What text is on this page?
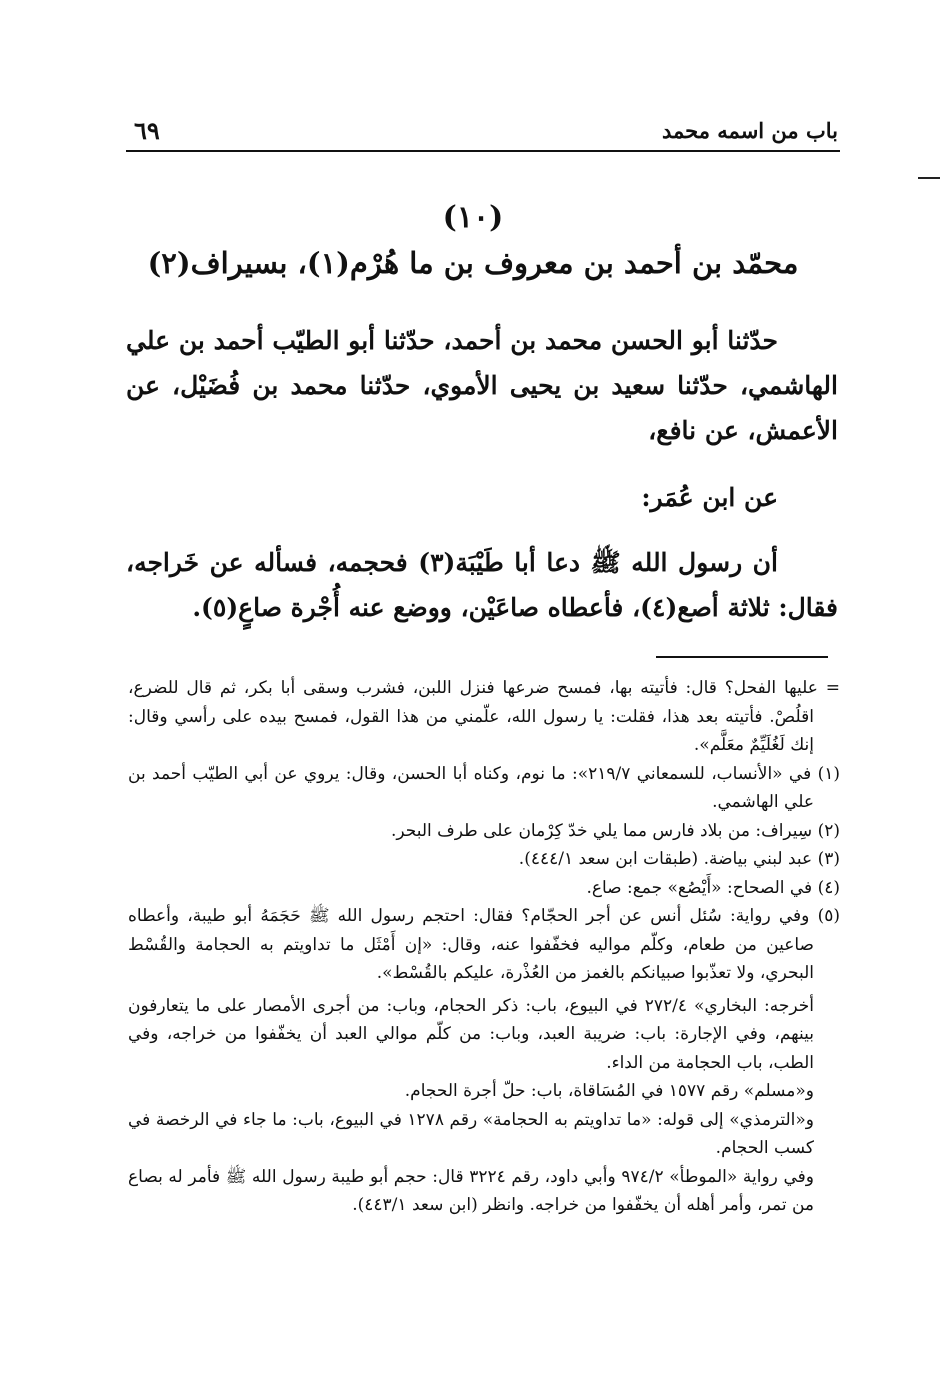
باب من اسمه محمد
٦٩
(١٠)
محمّد بن أحمد بن معروف بن ما هُرْم(١)، بسيراف(٢)

حدّثنا أبو الحسن محمد بن أحمد، حدّثنا أبو الطيّب أحمد بن علي الهاشمي، حدّثنا سعيد بن يحيى الأموي، حدّثنا محمد بن فُضَيْل، عن الأعمش، عن نافع،

عن ابن عُمَر:

أن رسول الله ﷺ دعا أبا طَيْبَة(٣) فحجمه، فسأله عن خَراجه، فقال: ثلاثة أصع(٤)، فأعطاه صاعَيْن، ووضع عنه أُجْرة صاعٍ(٥).

= عليها الفحل؟ قال: فأتيته بها، فمسح ضرعها فنزل اللبن، فشرب وسقى أبا بكر، ثم قال للضرع، اقلُصْ. فأتيته بعد هذا، فقلت: يا رسول الله، علّمني من هذا القول، فمسح بيده على رأسي وقال: إنك لَغُلَيِّمٌ معَلَّم».

(١) في «الأنساب، للسمعاني ٢١٩/٧»: ما نوم، وكناه أبا الحسن، وقال: يروي عن أبي الطيّب أحمد بن علي الهاشمي.

(٢) سِيراف: من بلاد فارس مما يلي خدّ كِرْمان على طرف البحر.

(٣) عبد لبني بياضة. (طبقات ابن سعد ٤٤٤/١).

(٤) في الصحاح: «أَيْصُع» جمع: صاع.

(٥) وفي رواية: سُئل أنس عن أجر الحجّام؟ فقال: احتجم رسول الله ﷺ حَجَمَهُ أبو طيبة، وأعطاه صاعين من طعام، وكلّم مواليه فخفّفوا عنه، وقال: «إن أَمْثَل ما تداويتم به الحجامة والقُسْط البحري، ولا تعذّبوا صبيانكم بالغمز من العُذْرة، عليكم بالقُسْط».

أخرجه: البخاري» ٢٧٢/٤ في البيوع، باب: ذكر الحجام، وباب: من أجرى الأمصار على ما يتعارفون بينهم، وفي الإجارة: باب: ضريبة العبد، وباب: من كلّم موالي العبد أن يخفّفوا من خراجه، وفي الطب، باب الحجامة من الداء.

و«مسلم» رقم ١٥٧٧ في المُسَاقاة، باب: حلّ أجرة الحجام.

و«الترمذي» إلى قوله: «ما تداويتم به الحجامة» رقم ١٢٧٨ في البيوع، باب: ما جاء في الرخصة في كسب الحجام.

وفي رواية «الموطأ» ٩٧٤/٢ وأبي داود، رقم ٣٢٢٤ قال: حجم أبو طيبة رسول الله ﷺ فأمر له بصاع من تمر، وأمر أهله أن يخفّفوا من خراجه. وانظر (ابن سعد ٤٤٣/١).
